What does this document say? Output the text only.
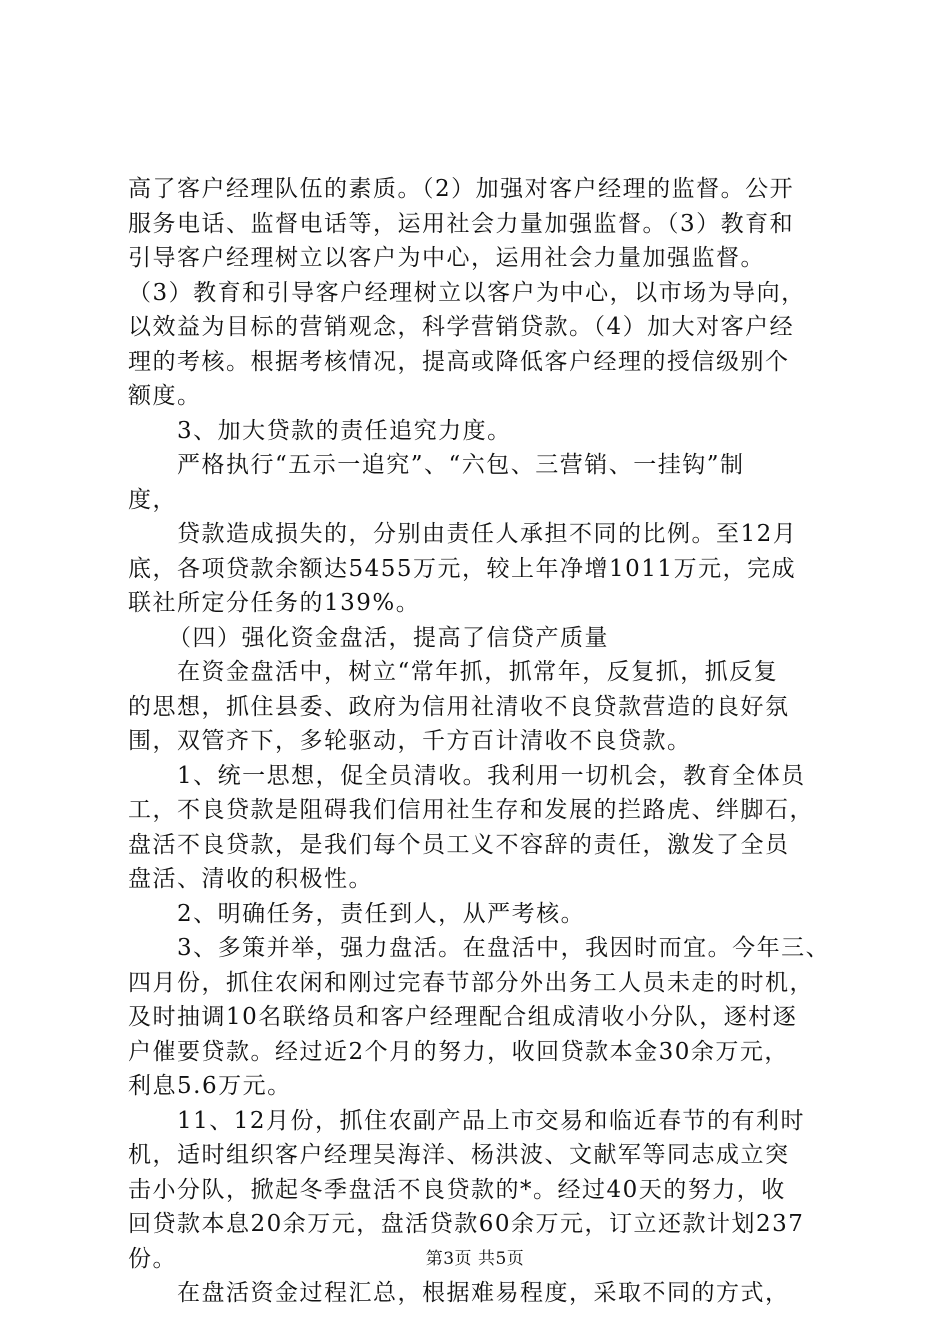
高了客户经理队伍的素质。（2）加强对客户经理的监督。公开
服务电话、监督电话等，运用社会力量加强监督。（3）教育和
引导客户经理树立以客户为中心，运用社会力量加强监督。
（3）教育和引导客户经理树立以客户为中心，以市场为导向，
以效益为目标的营销观念，科学营销贷款。（4）加大对客户经
理的考核。根据考核情况，提高或降低客户经理的授信级别个
额度。
3、加大贷款的责任追究力度。
严格执行“五示一追究”、“六包、三营销、一挂钩”制
度，
贷款造成损失的，分别由责任人承担不同的比例。至12月
底，各项贷款余额达5455万元，较上年净增1011万元，完成
联社所定分任务的139%。
（四）强化资金盘活，提高了信贷产质量
在资金盘活中，树立“常年抓，抓常年，反复抓，抓反复
的思想，抓住县委、政府为信用社清收不良贷款营造的良好氛
围，双管齐下，多轮驱动，千方百计清收不良贷款。
1、统一思想，促全员清收。我利用一切机会，教育全体员
工，不良贷款是阻碍我们信用社生存和发展的拦路虎、绊脚石，
盘活不良贷款，是我们每个员工义不容辞的责任，激发了全员
盘活、清收的积极性。
2、明确任务，责任到人，从严考核。
3、多策并举，强力盘活。在盘活中，我因时而宜。今年三、
四月份，抓住农闲和刚过完春节部分外出务工人员未走的时机，
及时抽调10名联络员和客户经理配合组成清收小分队，逐村逐
户催要贷款。经过近2个月的努力，收回贷款本金30余万元，
利息5.6万元。
11、12月份，抓住农副产品上市交易和临近春节的有利时
机，适时组织客户经理吴海洋、杨洪波、文献军等同志成立突
击小分队，掀起冬季盘活不良贷款的*。经过40天的努力，收
回贷款本息20余万元，盘活贷款60余万元，订立还款计划237
份。
在盘活资金过程汇总，根据难易程度，采取不同的方式，
第3页 共5页
